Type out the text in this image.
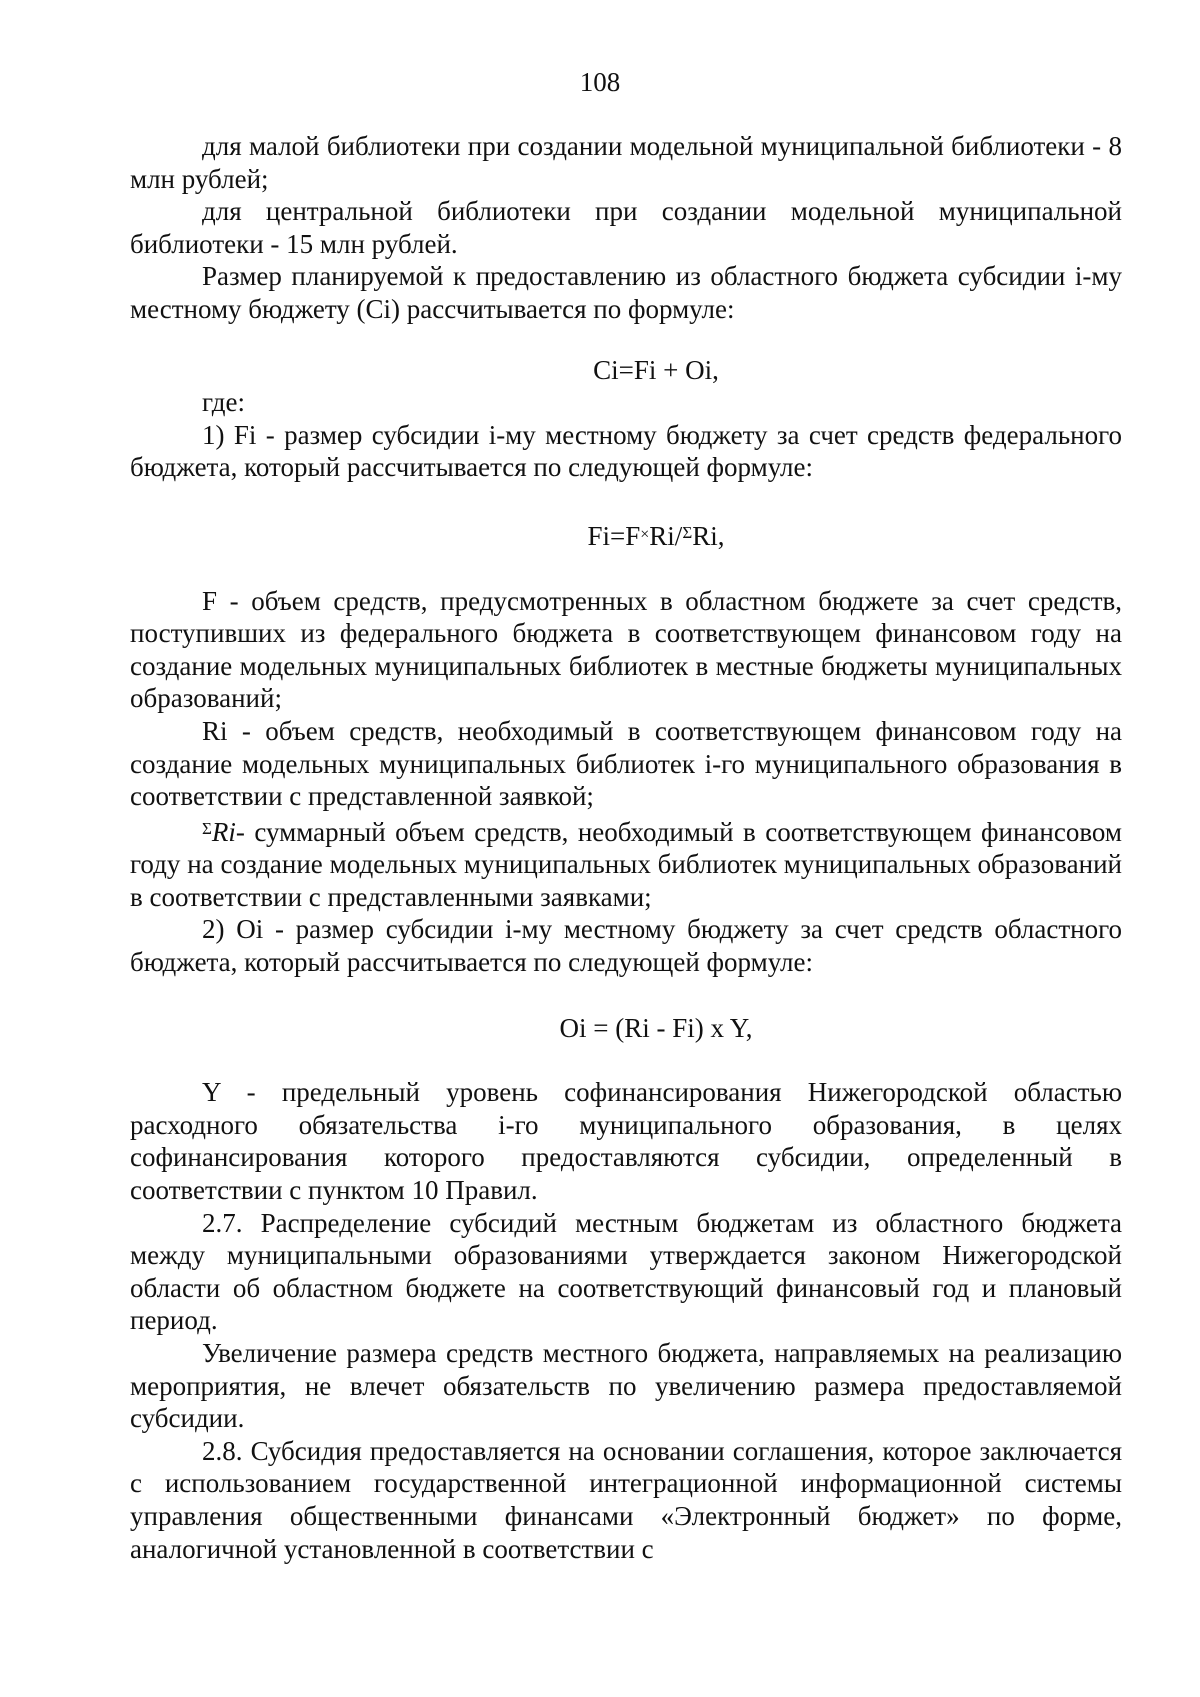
108

для малой библиотеки при создании модельной муниципальной библиотеки - 8 млн рублей;

для центральной библиотеки при создании модельной муниципальной библиотеки - 15 млн рублей.

Размер планируемой к предоставлению из областного бюджета субсидии i-му местному бюджету (Ci) рассчитывается по формуле:

Ci=Fi + Oi,

где:

1) Fi - размер субсидии i-му местному бюджету за счет средств федерального бюджета, который рассчитывается по следующей формуле:

Fi=F×Ri/$^\Sigma$Ri,

F - объем средств, предусмотренных в областном бюджете за счет средств, поступивших из федерального бюджета в соответствующем финансовом году на создание модельных муниципальных библиотек в местные бюджеты муниципальных образований;

Ri - объем средств, необходимый в соответствующем финансовом году на создание модельных муниципальных библиотек i-го муниципального образования в соответствии с представленной заявкой;

$^\Sigma$Ri- суммарный объем средств, необходимый в соответствующем финансовом году на создание модельных муниципальных библиотек муниципальных образований в соответствии с представленными заявками;

2) Oi - размер субсидии i-му местному бюджету за счет средств областного бюджета, который рассчитывается по следующей формуле:

Oi = (Ri - Fi) x Y,

Y - предельный уровень софинансирования Нижегородской областью расходного обязательства i-го муниципального образования, в целях софинансирования которого предоставляются субсидии, определенный в соответствии с пунктом 10 Правил.

2.7. Распределение субсидий местным бюджетам из областного бюджета между муниципальными образованиями утверждается законом Нижегородской области об областном бюджете на соответствующий финансовый год и плановый период.

Увеличение размера средств местного бюджета, направляемых на реализацию мероприятия, не влечет обязательств по увеличению размера предоставляемой субсидии.

2.8. Субсидия предоставляется на основании соглашения, которое заключается с использованием государственной интеграционной информационной системы управления общественными финансами «Электронный бюджет» по форме, аналогичной установленной в соответствии с
